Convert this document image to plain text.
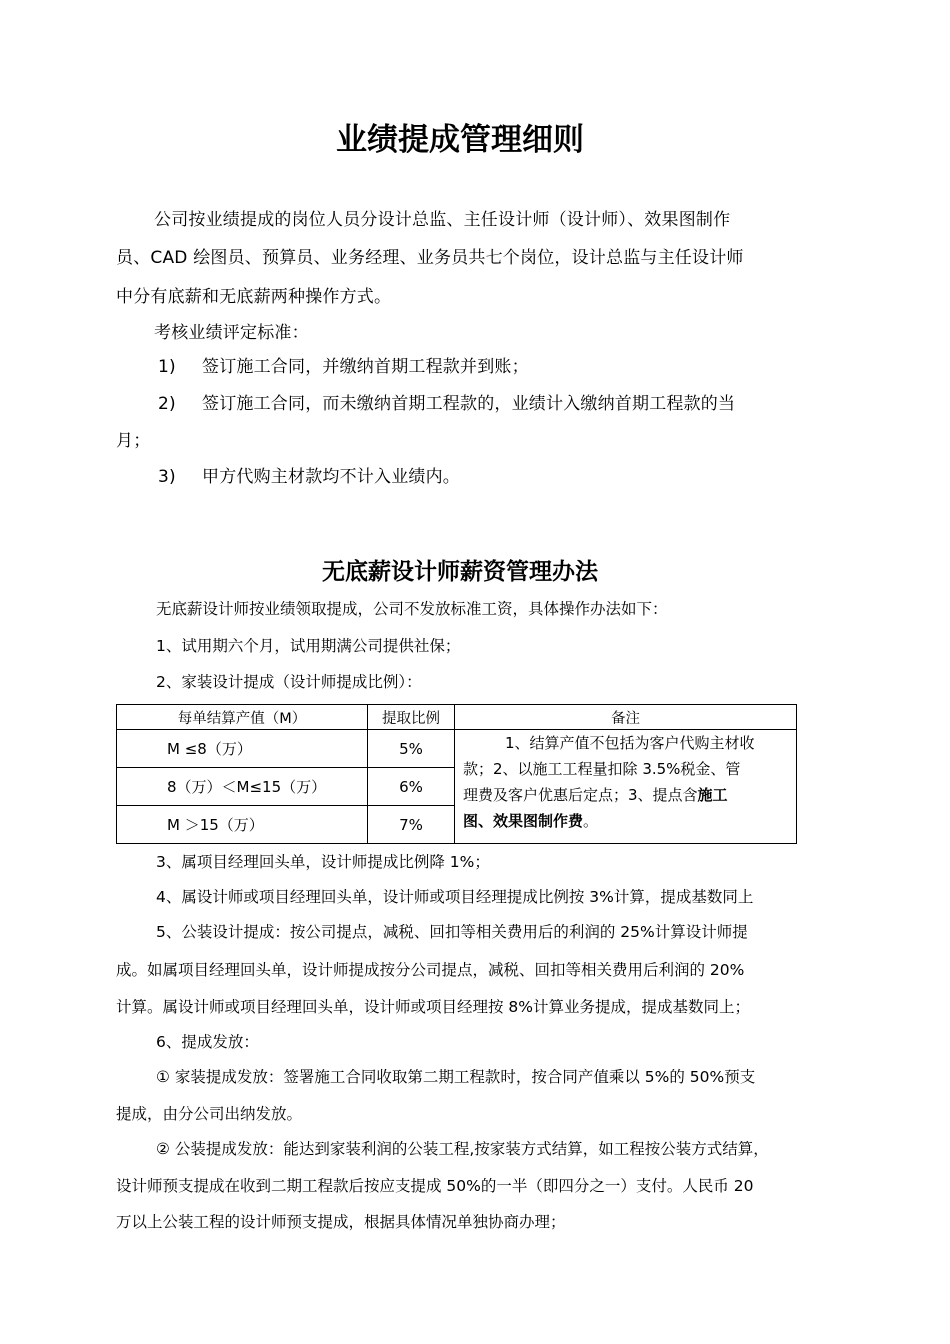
业绩提成管理细则
公司按业绩提成的岗位人员分设计总监、主任设计师（设计师）、效果图制作
员、CAD 绘图员、预算员、业务经理、业务员共七个岗位，设计总监与主任设计师
中分有底薪和无底薪两种操作方式。
考核业绩评定标准：
1) 签订施工合同，并缴纳首期工程款并到账；
2) 签订施工合同，而未缴纳首期工程款的，业绩计入缴纳首期工程款的当
月；
3) 甲方代购主材款均不计入业绩内。
无底薪设计师薪资管理办法
无底薪设计师按业绩领取提成，公司不发放标准工资，具体操作办法如下：
1、试用期六个月，试用期满公司提供社保；
2、家装设计提成（设计师提成比例）：
每单结算产值（M）	提取比例	备注

M ≤8（万）	5%	1、结算产值不包括为客户代购主材收
款；2、以施工工程量扣除 3.5%税金、管
理费及客户优惠后定点；3、提点含施工
图、效果图制作费。

8（万）＜M≤15（万）	6%	

M ＞15（万）	7%	
3、属项目经理回头单，设计师提成比例降 1%；
4、属设计师或项目经理回头单，设计师或项目经理提成比例按 3%计算，提成基数同上
5、公装设计提成：按公司提点，减税、回扣等相关费用后的利润的 25%计算设计师提
成。如属项目经理回头单，设计师提成按分公司提点，减税、回扣等相关费用后利润的 20%
计算。属设计师或项目经理回头单，设计师或项目经理按 8%计算业务提成，提成基数同上；
6、提成发放：
① 家装提成发放：签署施工合同收取第二期工程款时，按合同产值乘以 5%的 50%预支
提成，由分公司出纳发放。
② 公装提成发放：能达到家装利润的公装工程,按家装方式结算，如工程按公装方式结算，
设计师预支提成在收到二期工程款后按应支提成 50%的一半（即四分之一）支付。人民币 20
万以上公装工程的设计师预支提成，根据具体情况单独协商办理；
